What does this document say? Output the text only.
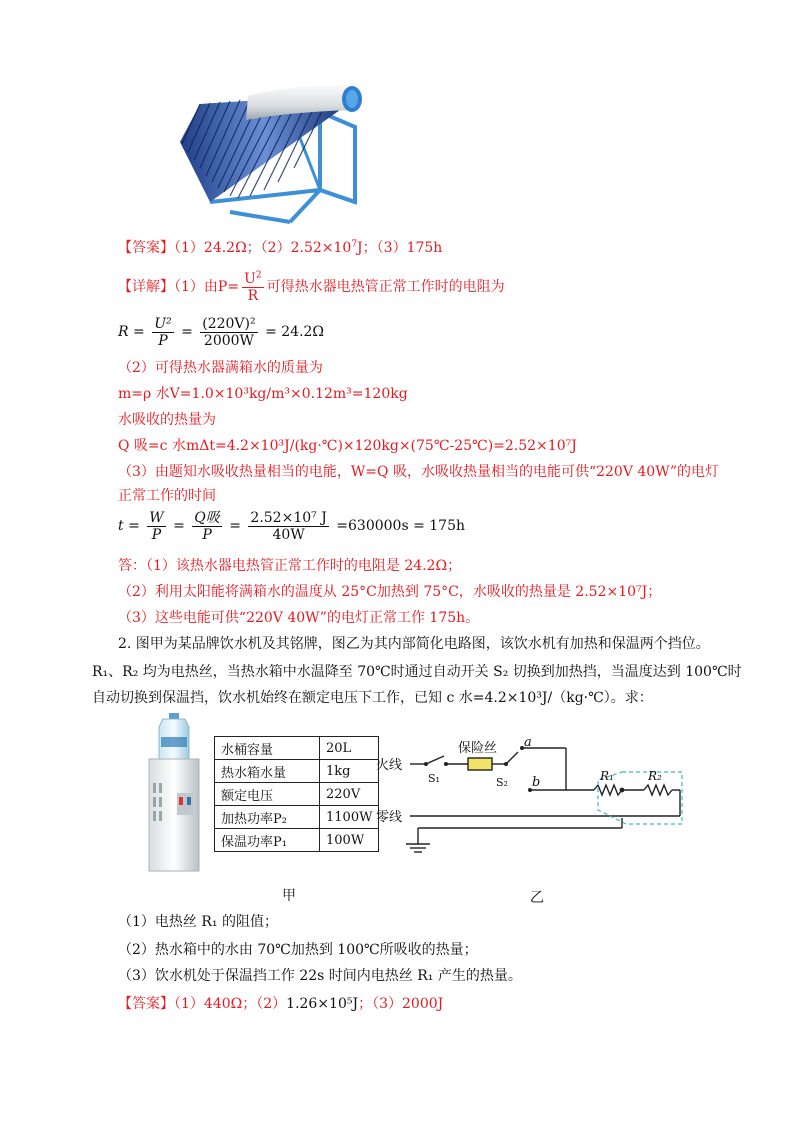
【答案】（1）24.2Ω；$(2)2.52\times 10^7J$；（3）175h
【详解】（1）由$P= \frac{U^2}{R}$ 可得热水器电热管正常工作时的电阻为
$R = \frac{\text{U²}}{P} = \frac{\text{(220V)²}}{2000W} = 24.2\Omega$
（2）可得热水器满箱水的质量为
m=ρ 水V=1.0×10³kg/m³×0.12m³=120kg
水吸收的热量为
Q 吸=c 水mΔt=4.2×10³J/(kg·℃)×120kg×(75℃-25℃)=2.52×10⁷J
（3）由题知水吸收热量相当的电能，W=Q 吸，水吸收热量相当的电能可供“220V 40W”的电灯
正常工作的时间
$t = \frac{W}{P} = \frac{\text{Q吸}}{P} = \frac{\text{2.52×10⁷ J}}{40W} =630000s = 175h$
答：（1）该热水器电热管正常工作时的电阻是 24.2Ω；
（2）利用太阳能将满箱水的温度从 25°C加热到 75°C，水吸收的热量是 2.52×10⁷J；
（3）这些电能可供“220V 40W”的电灯正常工作 175h。
2. 图甲为某品牌饮水机及其铭牌，图乙为其内部简化电路图，该饮水机有加热和保温两个挡位。
R₁、R₂ 均为电热丝，当热水箱中水温降至 70℃时通过自动开关 S₂ 切换到加热挡，当温度达到 100℃时
自动切换到保温挡，饮水机始终在额定电压下工作，已知 c 水=4.2×10³J/（kg·℃）。求：
水桶容量	20L
热水箱水量	1kg
额定电压	220V
加热功率P₂	1100W
保温功率P₁	100W
火线
零线
保险丝
S₁	S₂
a
b	R₁	R₂
甲	乙
（1）电热丝 R₁ 的阻值；
（2）热水箱中的水由 70℃加热到 100℃所吸收的热量；
（3）饮水机处于保温挡工作 22s 时间内电热丝 R₁ 产生的热量。
【答案】（1）440Ω；（2）1.26×10⁵J；（3）2000J
